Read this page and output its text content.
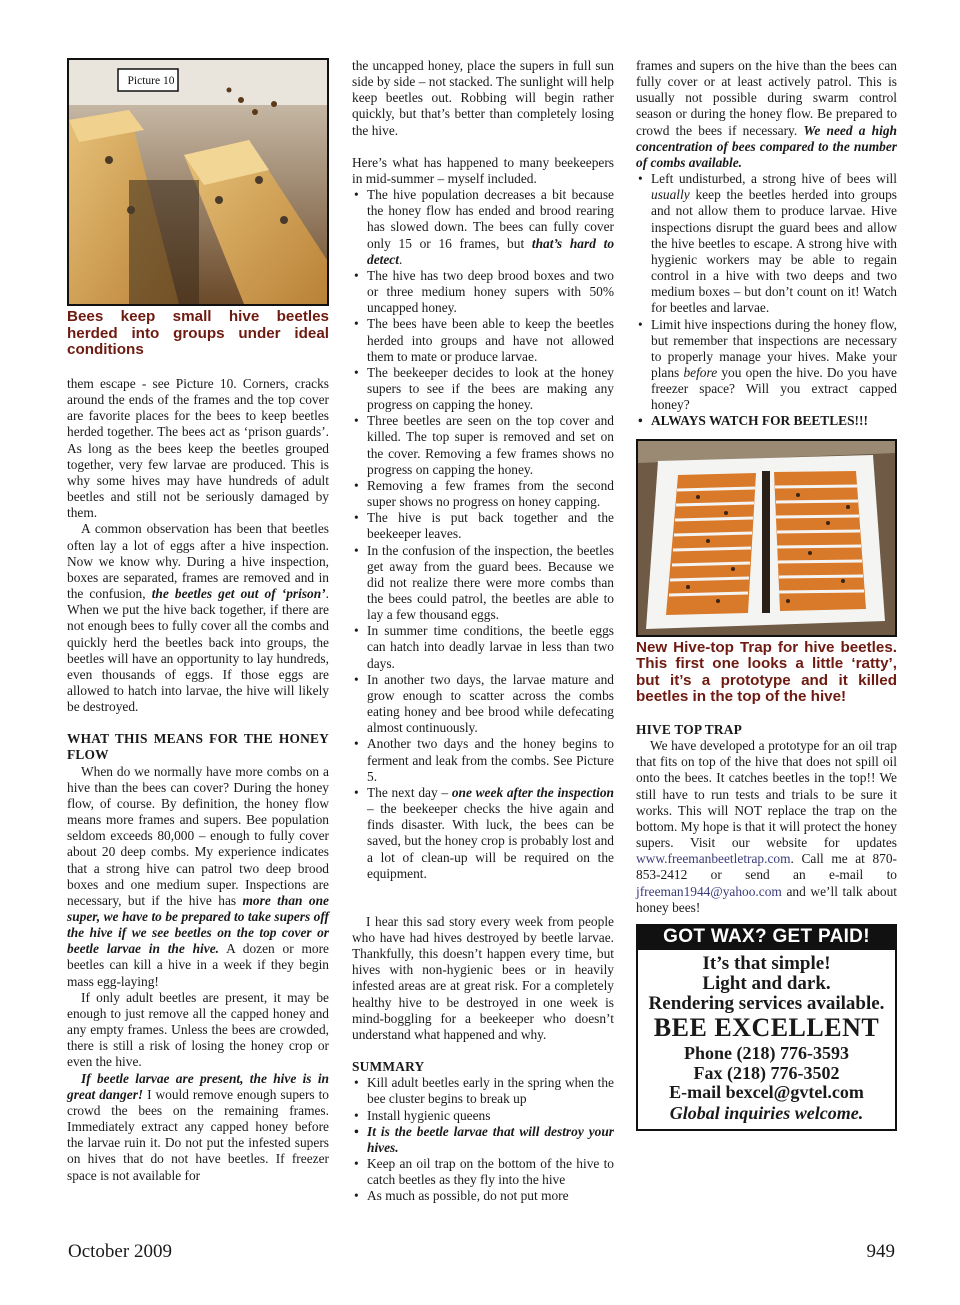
Picture 10
Bees keep small hive beetles herded into groups under ideal conditions

them escape - see Picture 10. Corners, cracks around the ends of the frames and the top cover are favorite places for the bees to keep beetles herded together. The bees act as ‘prison guards’. As long as the bees keep the beetles grouped together, very few larvae are produced. This is why some hives may have hundreds of adult beetles and still not be seriously damaged by them.

A common observation has been that beetles often lay a lot of eggs after a hive inspection. Now we know why. During a hive inspection, boxes are separated, frames are removed and in the confusion, the beetles get out of ‘prison’. When we put the hive back together, if there are not enough bees to fully cover all the combs and quickly herd the beetles back into groups, the beetles will have an opportunity to lay hundreds, even thousands of eggs. If those eggs are allowed to hatch into larvae, the hive will likely be destroyed.

WHAT THIS MEANS FOR THE HONEY FLOW

When do we normally have more combs on a hive than the bees can cover? During the honey flow, of course. By definition, the honey flow means more frames and supers. Bee population seldom exceeds 80,000 – enough to fully cover about 20 deep combs. My experience indicates that a strong hive can patrol two deep brood boxes and one medium super. Inspections are necessary, but if the hive has more than one super, we have to be prepared to take supers off the hive if we see beetles on the top cover or beetle larvae in the hive. A dozen or more beetles can kill a hive in a week if they begin mass egg-laying!

If only adult beetles are present, it may be enough to just remove all the capped honey and any empty frames. Unless the bees are crowded, there is still a risk of losing the honey crop or even the hive.

If beetle larvae are present, the hive is in great danger! I would remove enough supers to crowd the bees on the remaining frames. Immediately extract any capped honey before the larvae ruin it. Do not put the infested supers on hives that do not have beetles. If freezer space is not available for

the uncapped honey, place the supers in full sun side by side – not stacked. The sunlight will help keep beetles out. Robbing will begin rather quickly, but that’s better than completely losing the hive.

Here’s what has happened to many beekeepers in mid-summer – myself included.

• The hive population decreases a bit because the honey flow has ended and brood rearing has slowed down. The bees can fully cover only 15 or 16 frames, but that’s hard to detect.
• The hive has two deep brood boxes and two or three medium honey supers with 50% uncapped honey.
• The bees have been able to keep the beetles herded into groups and have not allowed them to mate or produce larvae.
• The beekeeper decides to look at the honey supers to see if the bees are making any progress on capping the honey.
• Three beetles are seen on the top cover and killed. The top super is removed and set on the cover. Removing a few frames shows no progress on capping the honey.
• Removing a few frames from the second super shows no progress on honey capping.
• The hive is put back together and the beekeeper leaves.
• In the confusion of the inspection, the beetles get away from the guard bees. Because we did not realize there were more combs than the bees could patrol, the beetles are able to lay a few thousand eggs.
• In summer time conditions, the beetle eggs can hatch into deadly larvae in less than two days.
• In another two days, the larvae mature and grow enough to scatter across the combs eating honey and bee brood while defecating almost continuously.
• Another two days and the honey begins to ferment and leak from the combs. See Picture 5.
• The next day – one week after the inspection – the beekeeper checks the hive again and finds disaster. With luck, the bees can be saved, but the honey crop is probably lost and a lot of clean-up will be required on the equipment.

I hear this sad story every week from people who have had hives destroyed by beetle larvae. Thankfully, this doesn’t happen every time, but hives with non-hygienic bees or in heavily infested areas are at great risk. For a completely healthy hive to be destroyed in one week is mind-boggling for a beekeeper who doesn’t understand what happened and why.

SUMMARY

• Kill adult beetles early in the spring when the bee cluster begins to break up
• Install hygienic queens
• It is the beetle larvae that will destroy your hives.
• Keep an oil trap on the bottom of the hive to catch beetles as they fly into the hive
• As much as possible, do not put more

frames and supers on the hive than the bees can fully cover or at least actively patrol. This is usually not possible during swarm control season or during the honey flow. Be prepared to crowd the bees if necessary. We need a high concentration of bees compared to the number of combs available.

• Left undisturbed, a strong hive of bees will usually keep the beetles herded into groups and not allow them to produce larvae. Hive inspections disrupt the guard bees and allow the hive beetles to escape. A strong hive with hygienic workers may be able to regain control in a hive with two deeps and two medium boxes – but don’t count on it! Watch for beetles and larvae.
• Limit hive inspections during the honey flow, but remember that inspections are necessary to properly manage your hives. Make your plans before you open the hive. Do you have freezer space? Will you extract capped honey?
• ALWAYS WATCH FOR BEETLES!!!
New Hive-top Trap for hive beetles. This first one looks a little ‘ratty’, but it’s a prototype and it killed beetles in the top of the hive!

HIVE TOP TRAP

We have developed a prototype for an oil trap that fits on top of the hive that does not spill oil onto the bees. It catches beetles in the top!! We still have to run tests and trials to be sure it works. This will NOT replace the trap on the bottom. My hope is that it will protect the honey supers. Visit our website for updates www.freemanbeetletrap.com. Call me at 870-853-2412 or send an e-mail to jfreeman1944@yahoo.com and we’ll talk about honey bees!

GOT WAX? GET PAID!
It’s that simple!
Light and dark.
Rendering services available.
BEE EXCELLENT
Phone (218) 776-3593
Fax (218) 776-3502
E-mail bexcel@gvtel.com
Global inquiries welcome.
October 2009	949
